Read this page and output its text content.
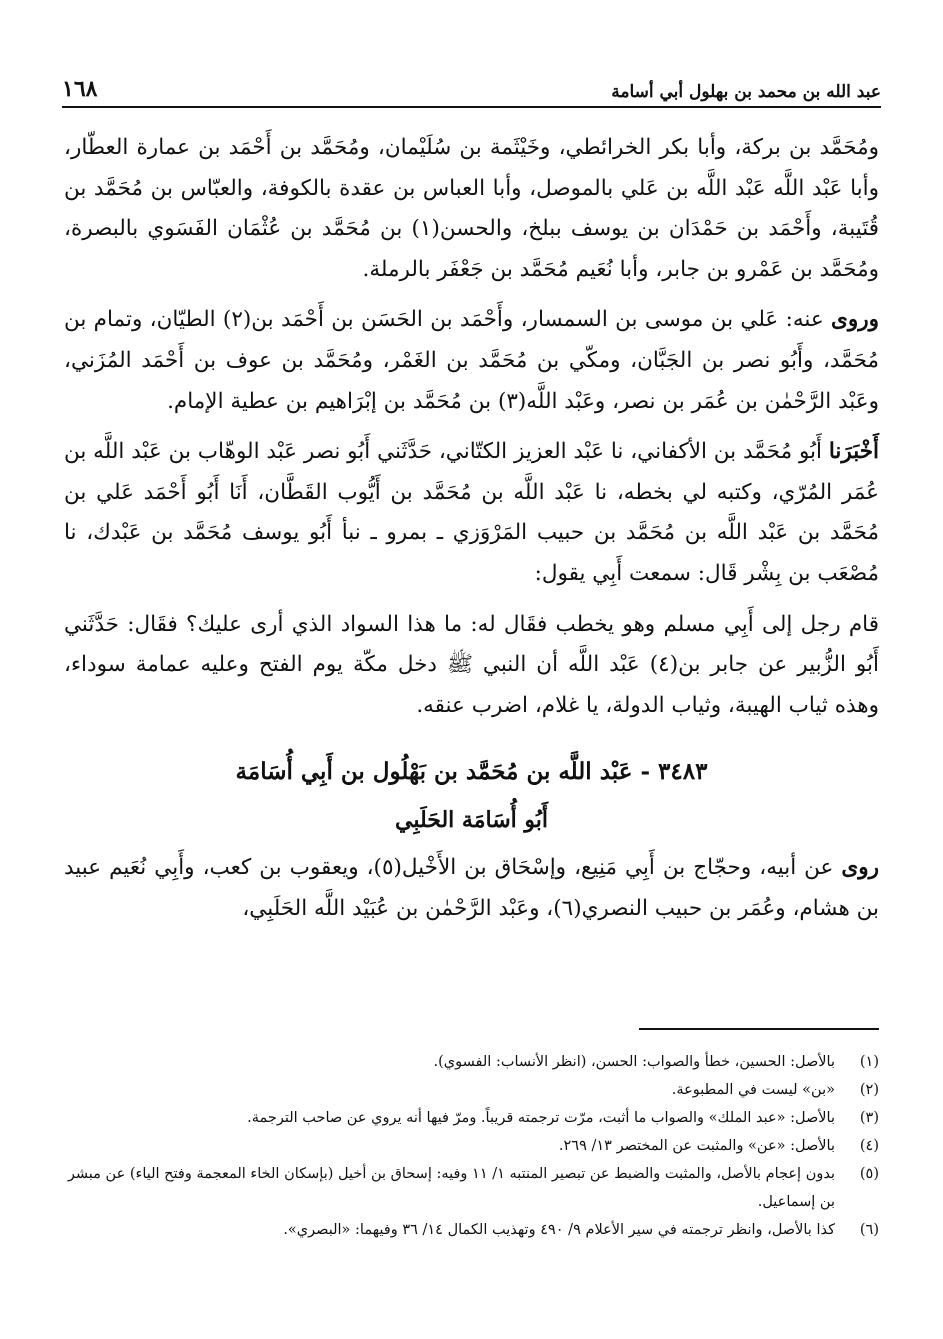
١٦٨	عبد الله بن محمد بن بهلول أبي أسامة

ومُحَمَّد بن بركة، وأبا بكر الخرائطي، وخَيْثَمة بن سُلَيْمان، ومُحَمَّد بن أَحْمَد بن عمارة العطّار، وأبا عَبْد اللَّه عَبْد اللَّه بن عَلي بالموصل، وأبا العباس بن عقدة بالكوفة، والعبّاس بن مُحَمَّد بن قُتَيبة، وأَحْمَد بن حَمْدَان بن يوسف ببلخ، والحسن(١) بن مُحَمَّد بن عُثْمَان الفَسَوي بالبصرة، ومُحَمَّد بن عَمْرو بن جابر، وأبا نُعَيم مُحَمَّد بن جَعْفَر بالرملة.

وروى عنه: عَلي بن موسى بن السمسار، وأَحْمَد بن الحَسَن بن أَحْمَد بن(٢) الطيّان، وتمام بن مُحَمَّد، وأَبُو نصر بن الجَبَّان، ومكّي بن مُحَمَّد بن الغَمْر، ومُحَمَّد بن عوف بن أَحْمَد المُزَني، وعَبْد الرَّحْمٰن بن عُمَر بن نصر، وعَبْد اللَّه(٣) بن مُحَمَّد بن إبْرَاهيم بن عطية الإمام.

أَخْبَرَنا أَبُو مُحَمَّد بن الأكفاني، نا عَبْد العزيز الكتّاني، حَدَّثَني أَبُو نصر عَبْد الوهّاب بن عَبْد اللَّه بن عُمَر المُرّي، وكتبه لي بخطه، نا عَبْد اللَّه بن مُحَمَّد بن أَيُّوب القَطَّان، أَنَا أَبُو أَحْمَد عَلي بن مُحَمَّد بن عَبْد اللَّه بن مُحَمَّد بن حبيب المَرْوَزي ـ بمرو ـ نبأ أَبُو يوسف مُحَمَّد بن عَبْدك، نا مُصْعَب بن بِشْر قَال: سمعت أَبِي يقول:

قام رجل إلى أَبِي مسلم وهو يخطب فقَال له: ما هذا السواد الذي أرى عليك؟ فقَال: حَدَّثَني أَبُو الزُّبير عن جابر بن(٤) عَبْد اللَّه أن النبي ﷺ دخل مكّة يوم الفتح وعليه عمامة سوداء، وهذه ثياب الهيبة، وثياب الدولة، يا غلام، اضرب عنقه.

٣٤٨٣ - عَبْد اللَّه بن مُحَمَّد بن بَهْلُول بن أَبِي أُسَامَة
أَبُو أُسَامَة الحَلَبِي

روى عن أبيه، وحجّاج بن أَبِي مَنِيع، وإسْحَاق بن الأَخْيل(٥)، ويعقوب بن كعب، وأَبِي نُعَيم عبيد بن هشام، وعُمَر بن حبيب النصري(٦)، وعَبْد الرَّحْمٰن بن عُبَيْد اللَّه الحَلَبِي،

(١)
بالأصل: الحسين، خطأ والصواب: الحسن، (انظر الأنساب: الفسوي).
(٢)
«بن» ليست في المطبوعة.
(٣)
بالأصل: «عبد الملك» والصواب ما أثبت، مرّت ترجمته قريباً. ومرّ فيها أنه يروي عن صاحب الترجمة.
(٤)
بالأصل: «عن» والمثبت عن المختصر ١٣/ ٢٦٩.
(٥)
بدون إعجام بالأصل، والمثبت والضبط عن تبصير المنتبه ١/ ١١ وفيه: إسحاق بن أخيل (بإسكان الخاء المعجمة وفتح الياء) عن مبشر بن إسماعيل.
(٦)
كذا بالأصل، وانظر ترجمته في سير الأعلام ٩/ ٤٩٠ وتهذيب الكمال ١٤/ ٣٦ وفيهما: «البصري».
